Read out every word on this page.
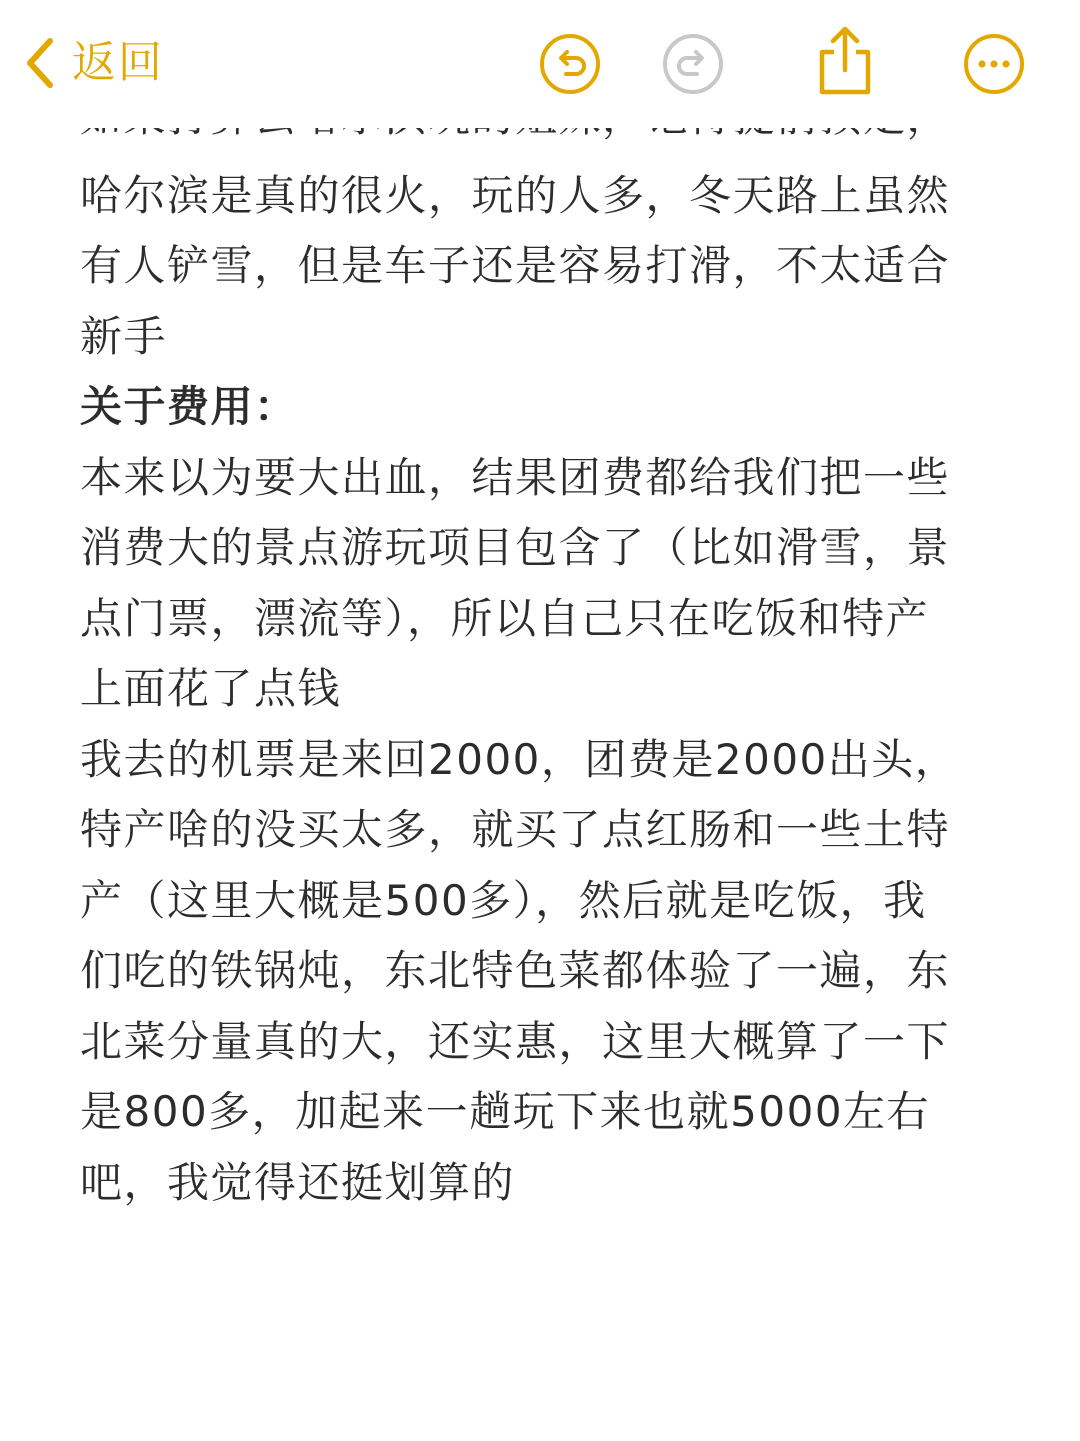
返回
哈尔滨是真的很火，玩的人多，冬天路上虽然
有人铲雪，但是车子还是容易打滑，不太适合
新手
关于费用：
本来以为要大出血，结果团费都给我们把一些
消费大的景点游玩项目包含了（比如滑雪，景
点门票，漂流等），所以自己只在吃饭和特产
上面花了点钱
我去的机票是来回2000，团费是2000出头，
特产啥的没买太多，就买了点红肠和一些土特
产（这里大概是500多），然后就是吃饭，我
们吃的铁锅炖，东北特色菜都体验了一遍，东
北菜分量真的大，还实惠，这里大概算了一下
是800多，加起来一趟玩下来也就5000左右
吧，我觉得还挺划算的
